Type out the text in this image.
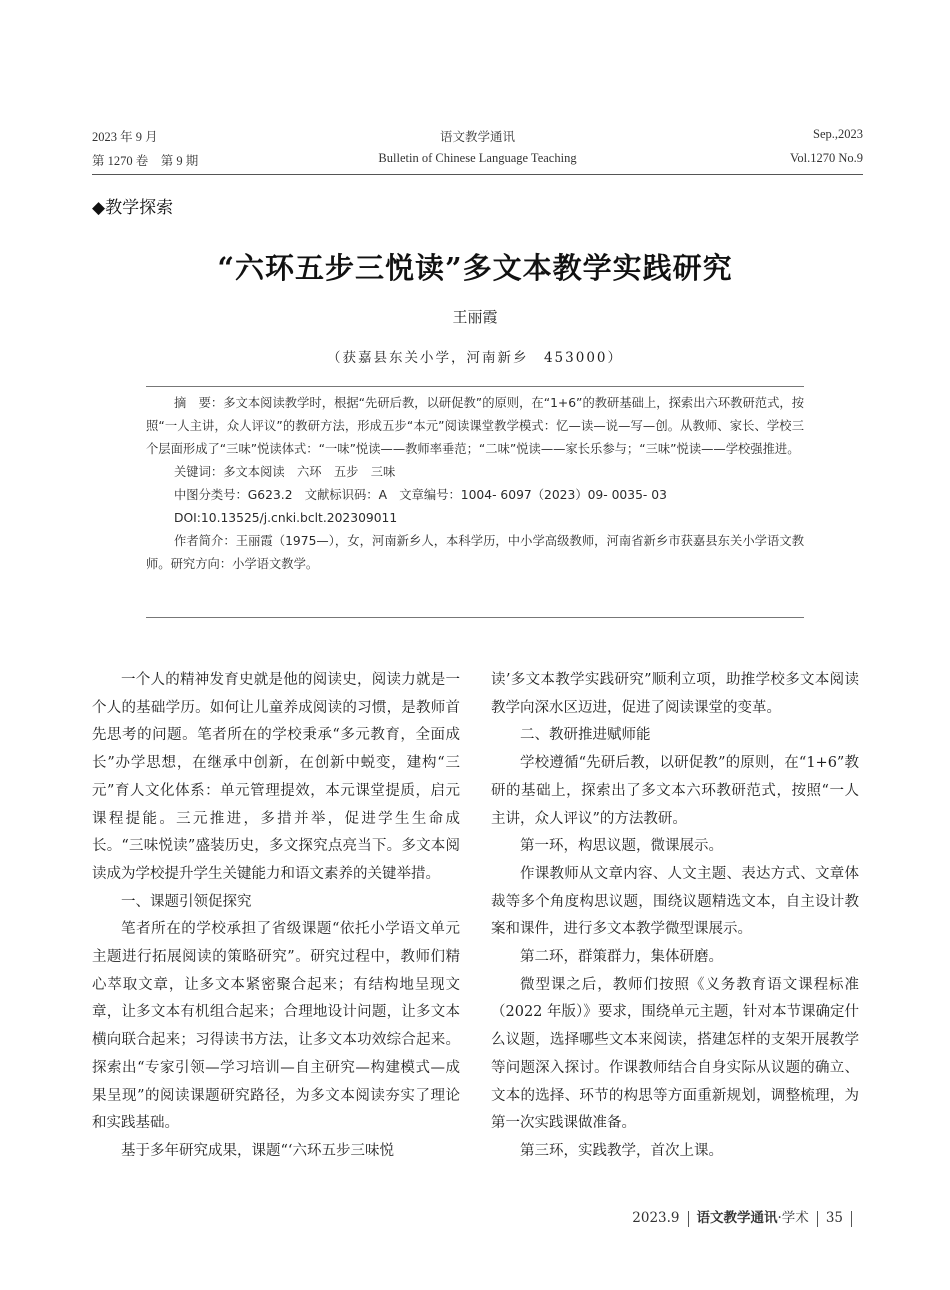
2023 年 9 月	语文教学通讯	Sep.,2023
第 1270 卷　第 9 期	Bulletin of Chinese Language Teaching	Vol.1270 No.9
◆教学探索
“六环五步三悦读”多文本教学实践研究
王丽霞
（获嘉县东关小学，河南新乡　453000）

摘　要：多文本阅读教学时，根据“先研后教，以研促教”的原则，在“1+6”的教研基础上，探索出六环教研范式，按照“一人主讲，众人评议”的教研方法，形成五步“本元”阅读课堂教学模式：忆—读—说—写—创。从教师、家长、学校三个层面形成了“三味”悦读体式：“一味”悦读——教师率垂范；“二味”悦读——家长乐参与；“三味”悦读——学校强推进。

关键词：多文本阅读　六环　五步　三味

中图分类号：G623.2　文献标识码：A　文章编号：1004- 6097（2023）09- 0035- 03

DOI:10.13525/j.cnki.bclt.202309011

作者简介：王丽霞（1975—），女，河南新乡人，本科学历，中小学高级教师，河南省新乡市获嘉县东关小学语文教师。研究方向：小学语文教学。

一个人的精神发育史就是他的阅读史，阅读力就是一个人的基础学历。如何让儿童养成阅读的习惯，是教师首先思考的问题。笔者所在的学校秉承“多元教育，全面成长”办学思想，在继承中创新，在创新中蜕变，建构“三元”育人文化体系：单元管理提效，本元课堂提质，启元课程提能。三元推进，多措并举，促进学生生命成长。“三味悦读”盛装历史，多文探究点亮当下。多文本阅读成为学校提升学生关键能力和语文素养的关键举措。

一、课题引领促探究

笔者所在的学校承担了省级课题“依托小学语文单元主题进行拓展阅读的策略研究”。研究过程中，教师们精心萃取文章，让多文本紧密聚合起来；有结构地呈现文章，让多文本有机组合起来；合理地设计问题，让多文本横向联合起来；习得读书方法，让多文本功效综合起来。探索出“专家引领—学习培训—自主研究—构建模式—成果呈现”的阅读课题研究路径，为多文本阅读夯实了理论和实践基础。

基于多年研究成果，课题“‘六环五步三味悦

读’多文本教学实践研究”顺利立项，助推学校多文本阅读教学向深水区迈进，促进了阅读课堂的变革。

二、教研推进赋师能

学校遵循“先研后教，以研促教”的原则，在“1+6”教研的基础上，探索出了多文本六环教研范式，按照“一人主讲，众人评议”的方法教研。

第一环，构思议题，微课展示。

作课教师从文章内容、人文主题、表达方式、文章体裁等多个角度构思议题，围绕议题精选文本，自主设计教案和课件，进行多文本教学微型课展示。

第二环，群策群力，集体研磨。

微型课之后，教师们按照《义务教育语文课程标准（2022 年版）》要求，围绕单元主题，针对本节课确定什么议题，选择哪些文本来阅读，搭建怎样的支架开展教学等问题深入探讨。作课教师结合自身实际从议题的确立、文本的选择、环节的构思等方面重新规划，调整梳理，为第一次实践课做准备。

第三环，实践教学，首次上课。

2023.9 语文教学通讯·学术 35
